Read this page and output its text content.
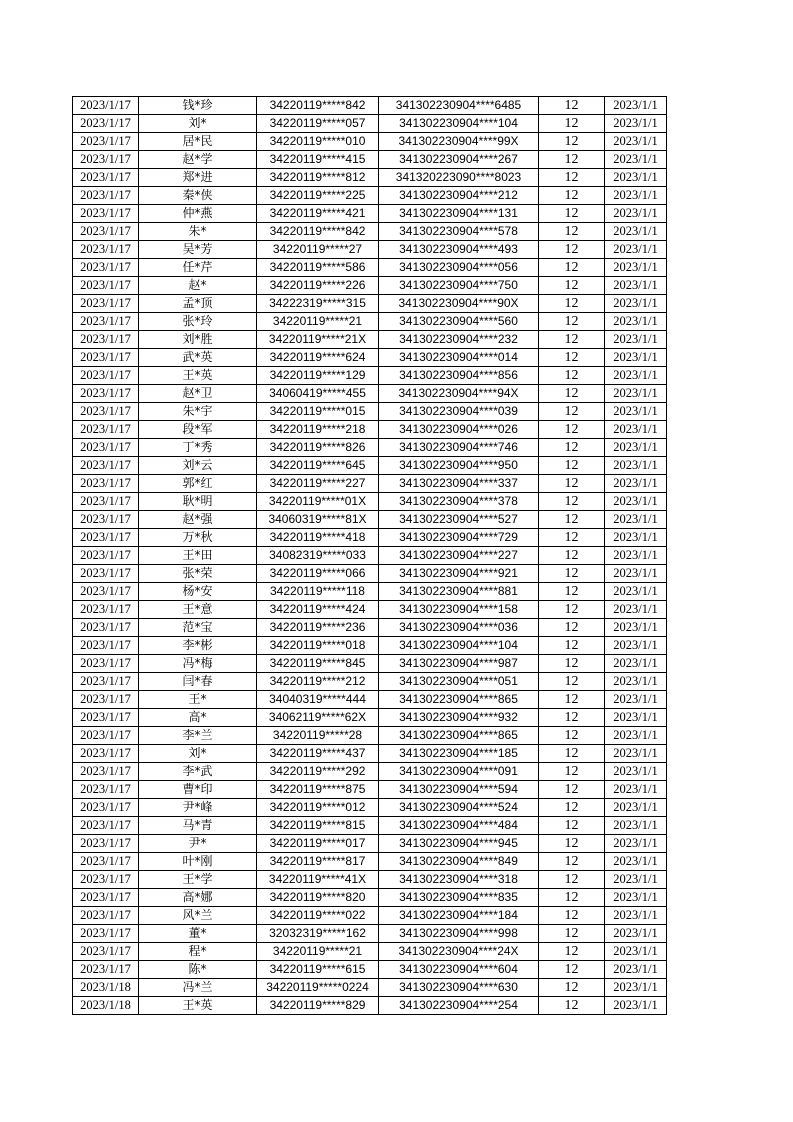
2023/1/17	钱*珍	34220119*****842	341302230904****6485	12	2023/1/1
2023/1/17	刘*	34220119*****057	341302230904****104	12	2023/1/1
2023/1/17	居*民	34220119*****010	341302230904****99X	12	2023/1/1
2023/1/17	赵*学	34220119*****415	341302230904****267	12	2023/1/1
2023/1/17	郑*进	34220119*****812	341320223090****8023	12	2023/1/1
2023/1/17	秦*侠	34220119*****225	341302230904****212	12	2023/1/1
2023/1/17	仲*燕	34220119*****421	341302230904****131	12	2023/1/1
2023/1/17	朱*	34220119*****842	341302230904****578	12	2023/1/1
2023/1/17	吴*芳	34220119*****27	341302230904****493	12	2023/1/1
2023/1/17	任*芹	34220119*****586	341302230904****056	12	2023/1/1
2023/1/17	赵*	34220119*****226	341302230904****750	12	2023/1/1
2023/1/17	孟*顶	34222319*****315	341302230904****90X	12	2023/1/1
2023/1/17	张*玲	34220119*****21	341302230904****560	12	2023/1/1
2023/1/17	刘*胜	34220119*****21X	341302230904****232	12	2023/1/1
2023/1/17	武*英	34220119*****624	341302230904****014	12	2023/1/1
2023/1/17	王*英	34220119*****129	341302230904****856	12	2023/1/1
2023/1/17	赵*卫	34060419*****455	341302230904****94X	12	2023/1/1
2023/1/17	朱*宇	34220119*****015	341302230904****039	12	2023/1/1
2023/1/17	段*军	34220119*****218	341302230904****026	12	2023/1/1
2023/1/17	丁*秀	34220119*****826	341302230904****746	12	2023/1/1
2023/1/17	刘*云	34220119*****645	341302230904****950	12	2023/1/1
2023/1/17	郭*红	34220119*****227	341302230904****337	12	2023/1/1
2023/1/17	耿*明	34220119*****01X	341302230904****378	12	2023/1/1
2023/1/17	赵*强	34060319*****81X	341302230904****527	12	2023/1/1
2023/1/17	万*秋	34220119*****418	341302230904****729	12	2023/1/1
2023/1/17	王*田	34082319*****033	341302230904****227	12	2023/1/1
2023/1/17	张*荣	34220119*****066	341302230904****921	12	2023/1/1
2023/1/17	杨*安	34220119*****118	341302230904****881	12	2023/1/1
2023/1/17	王*意	34220119*****424	341302230904****158	12	2023/1/1
2023/1/17	范*宝	34220119*****236	341302230904****036	12	2023/1/1
2023/1/17	李*彬	34220119*****018	341302230904****104	12	2023/1/1
2023/1/17	冯*梅	34220119*****845	341302230904****987	12	2023/1/1
2023/1/17	闫*春	34220119*****212	341302230904****051	12	2023/1/1
2023/1/17	王*	34040319*****444	341302230904****865	12	2023/1/1
2023/1/17	高*	34062119*****62X	341302230904****932	12	2023/1/1
2023/1/17	李*兰	34220119*****28	341302230904****865	12	2023/1/1
2023/1/17	刘*	34220119*****437	341302230904****185	12	2023/1/1
2023/1/17	李*武	34220119*****292	341302230904****091	12	2023/1/1
2023/1/17	曹*印	34220119*****875	341302230904****594	12	2023/1/1
2023/1/17	尹*峰	34220119*****012	341302230904****524	12	2023/1/1
2023/1/17	马*青	34220119*****815	341302230904****484	12	2023/1/1
2023/1/17	尹*	34220119*****017	341302230904****945	12	2023/1/1
2023/1/17	叶*刚	34220119*****817	341302230904****849	12	2023/1/1
2023/1/17	王*学	34220119*****41X	341302230904****318	12	2023/1/1
2023/1/17	高*娜	34220119*****820	341302230904****835	12	2023/1/1
2023/1/17	风*兰	34220119*****022	341302230904****184	12	2023/1/1
2023/1/17	董*	32032319*****162	341302230904****998	12	2023/1/1
2023/1/17	程*	34220119*****21	341302230904****24X	12	2023/1/1
2023/1/17	陈*	34220119*****615	341302230904****604	12	2023/1/1
2023/1/18	冯*兰	34220119*****0224	341302230904****630	12	2023/1/1
2023/1/18	王*英	34220119*****829	341302230904****254	12	2023/1/1
